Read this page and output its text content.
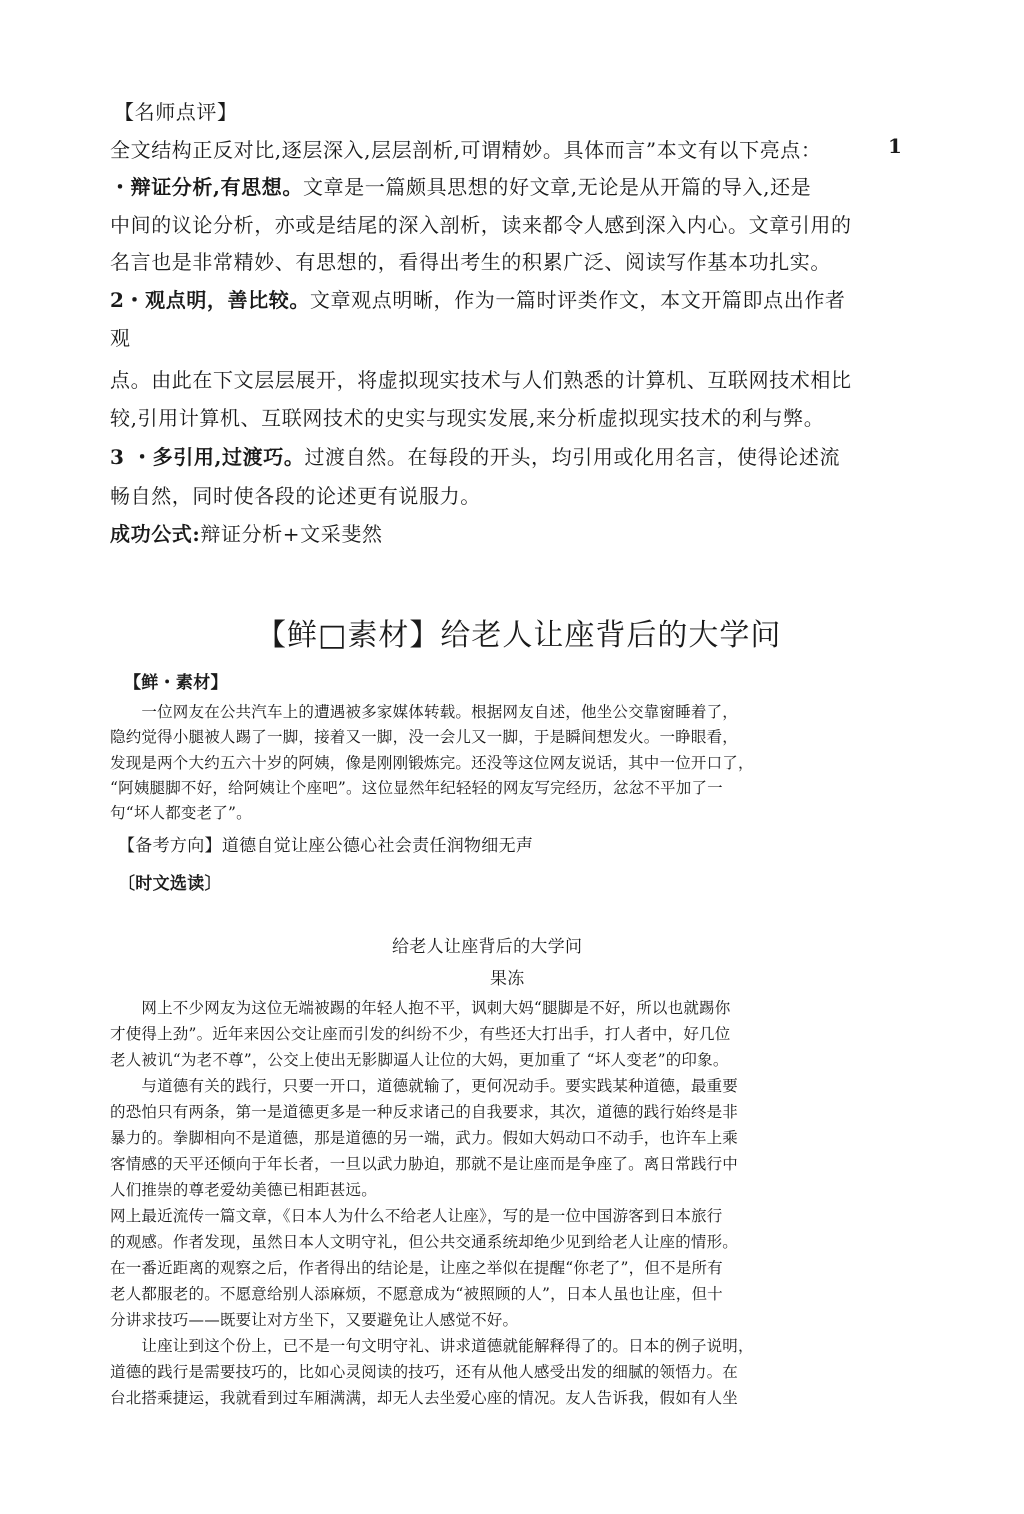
【名师点评】
全文结构正反对比,逐层深入,层层剖析,可谓精妙。具体而言”本文有以下亮点：	1
・辩证分析,有思想。文章是一篇颇具思想的好文章,无论是从开篇的导入,还是
中间的议论分析，亦或是结尾的深入剖析，读来都令人感到深入内心。文章引用的
名言也是非常精妙、有思想的，看得出考生的积累广泛、阅读写作基本功扎实。
2・观点明，善比较。文章观点明晰，作为一篇时评类作文，本文开篇即点出作者
观
点。由此在下文层层展开，将虚拟现实技术与人们熟悉的计算机、互联网技术相比
较,引用计算机、互联网技术的史实与现实发展,来分析虚拟现实技术的利与弊。
3 ・多引用,过渡巧。过渡自然。在每段的开头，均引用或化用名言，使得论述流
畅自然，同时使各段的论述更有说服力。
成功公式:辩证分析+文采斐然
【鲜□素材】给老人让座背后的大学问
【鲜・素材】
　　一位网友在公共汽车上的遭遇被多家媒体转载。根据网友自述，他坐公交靠窗睡着了，
隐约觉得小腿被人踢了一脚，接着又一脚，没一会儿又一脚，于是瞬间想发火。一睁眼看，
发现是两个大约五六十岁的阿姨，像是刚刚锻炼完。还没等这位网友说话，其中一位开口了，
“阿姨腿脚不好，给阿姨让个座吧”。这位显然年纪轻轻的网友写完经历，忿忿不平加了一
句“坏人都变老了”。
【备考方向】道德自觉让座公德心社会责任润物细无声
〔时文选读〕
给老人让座背后的大学问
果冻
　　网上不少网友为这位无端被踢的年轻人抱不平，讽刺大妈“腿脚是不好，所以也就踢你
才使得上劲”。近年来因公交让座而引发的纠纷不少，有些还大打出手，打人者中，好几位
老人被讥“为老不尊”，公交上使出无影脚逼人让位的大妈，更加重了 “坏人变老”的印象。
　　与道德有关的践行，只要一开口，道德就输了，更何况动手。要实践某种道德，最重要
的恐怕只有两条，第一是道德更多是一种反求诸己的自我要求，其次，道德的践行始终是非
暴力的。拳脚相向不是道德，那是道德的另一端，武力。假如大妈动口不动手，也许车上乘
客情感的天平还倾向于年长者，一旦以武力胁迫，那就不是让座而是争座了。离日常践行中
人们推崇的尊老爱幼美德已相距甚远。
网上最近流传一篇文章，《日本人为什么不给老人让座》，写的是一位中国游客到日本旅行
的观感。作者发现，虽然日本人文明守礼，但公共交通系统却绝少见到给老人让座的情形。
在一番近距离的观察之后，作者得出的结论是，让座之举似在提醒“你老了”，但不是所有
老人都服老的。不愿意给别人添麻烦，不愿意成为“被照顾的人”，日本人虽也让座，但十
分讲求技巧——既要让对方坐下，又要避免让人感觉不好。
　　让座让到这个份上，已不是一句文明守礼、讲求道德就能解释得了的。日本的例子说明，
道德的践行是需要技巧的，比如心灵阅读的技巧，还有从他人感受出发的细腻的领悟力。在
台北搭乘捷运，我就看到过车厢满满，却无人去坐爱心座的情况。友人告诉我，假如有人坐
